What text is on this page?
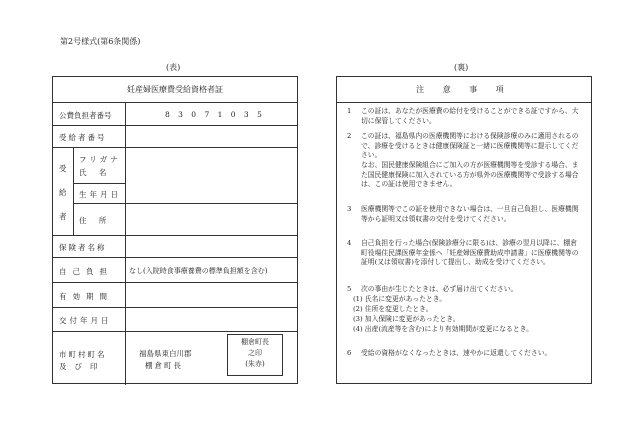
第2号様式(第6条関係)
(表)	(裏)
妊産婦医療費受給資格者証
公費負担者番号	8 3 0 7 1 0 3 5
受給者番号
受
給
者
フリガナ
氏 名
生年月日
住 所
保険者名称
自己負担 なし(入院時食事療養費の標準負担額を含む)
有効期間
交付年月日
市町村町名
及び印
福島県東白川郡
棚倉町長
棚倉町長
之印
(朱赤)
注 意 事 項
1 この証は、あなたが医療費の給付を受けることができる証ですから、大切に保管してください。
2 この証は、福島県内の医療機関等における保険診療のみに適用されるので、診療を受けるときは健康保険証と一緒に医療機関等に提示してください。
なお、国民健康保険組合にご加入の方が医療機関等を受診する場合、また国民健康保険に加入されている方が県外の医療機関等で受診する場合は、この証は使用できません。
3 医療機関等でこの証を使用できない場合は、一旦自己負担し、医療機関等から証明又は領収書の交付を受けてください。
4 自己負担を行った場合(保険診療分に限る)は、診療の翌月以降に、棚倉町役場住民課医療年金係へ「妊産婦医療費助成申請書」に医療機関等の証明(又は領収書)を添付して提出し、助成を受けてください。
5 次の事由が生じたときは、必ず届け出てください。
(1) 氏名に変更があったとき。
(2) 住所を変更したとき。
(3) 加入保険に変更があったとき。
(4) 出産(流産等を含む)により有効期間が変更になるとき。
6 受給の資格がなくなったときは、速やかに返還してください。
